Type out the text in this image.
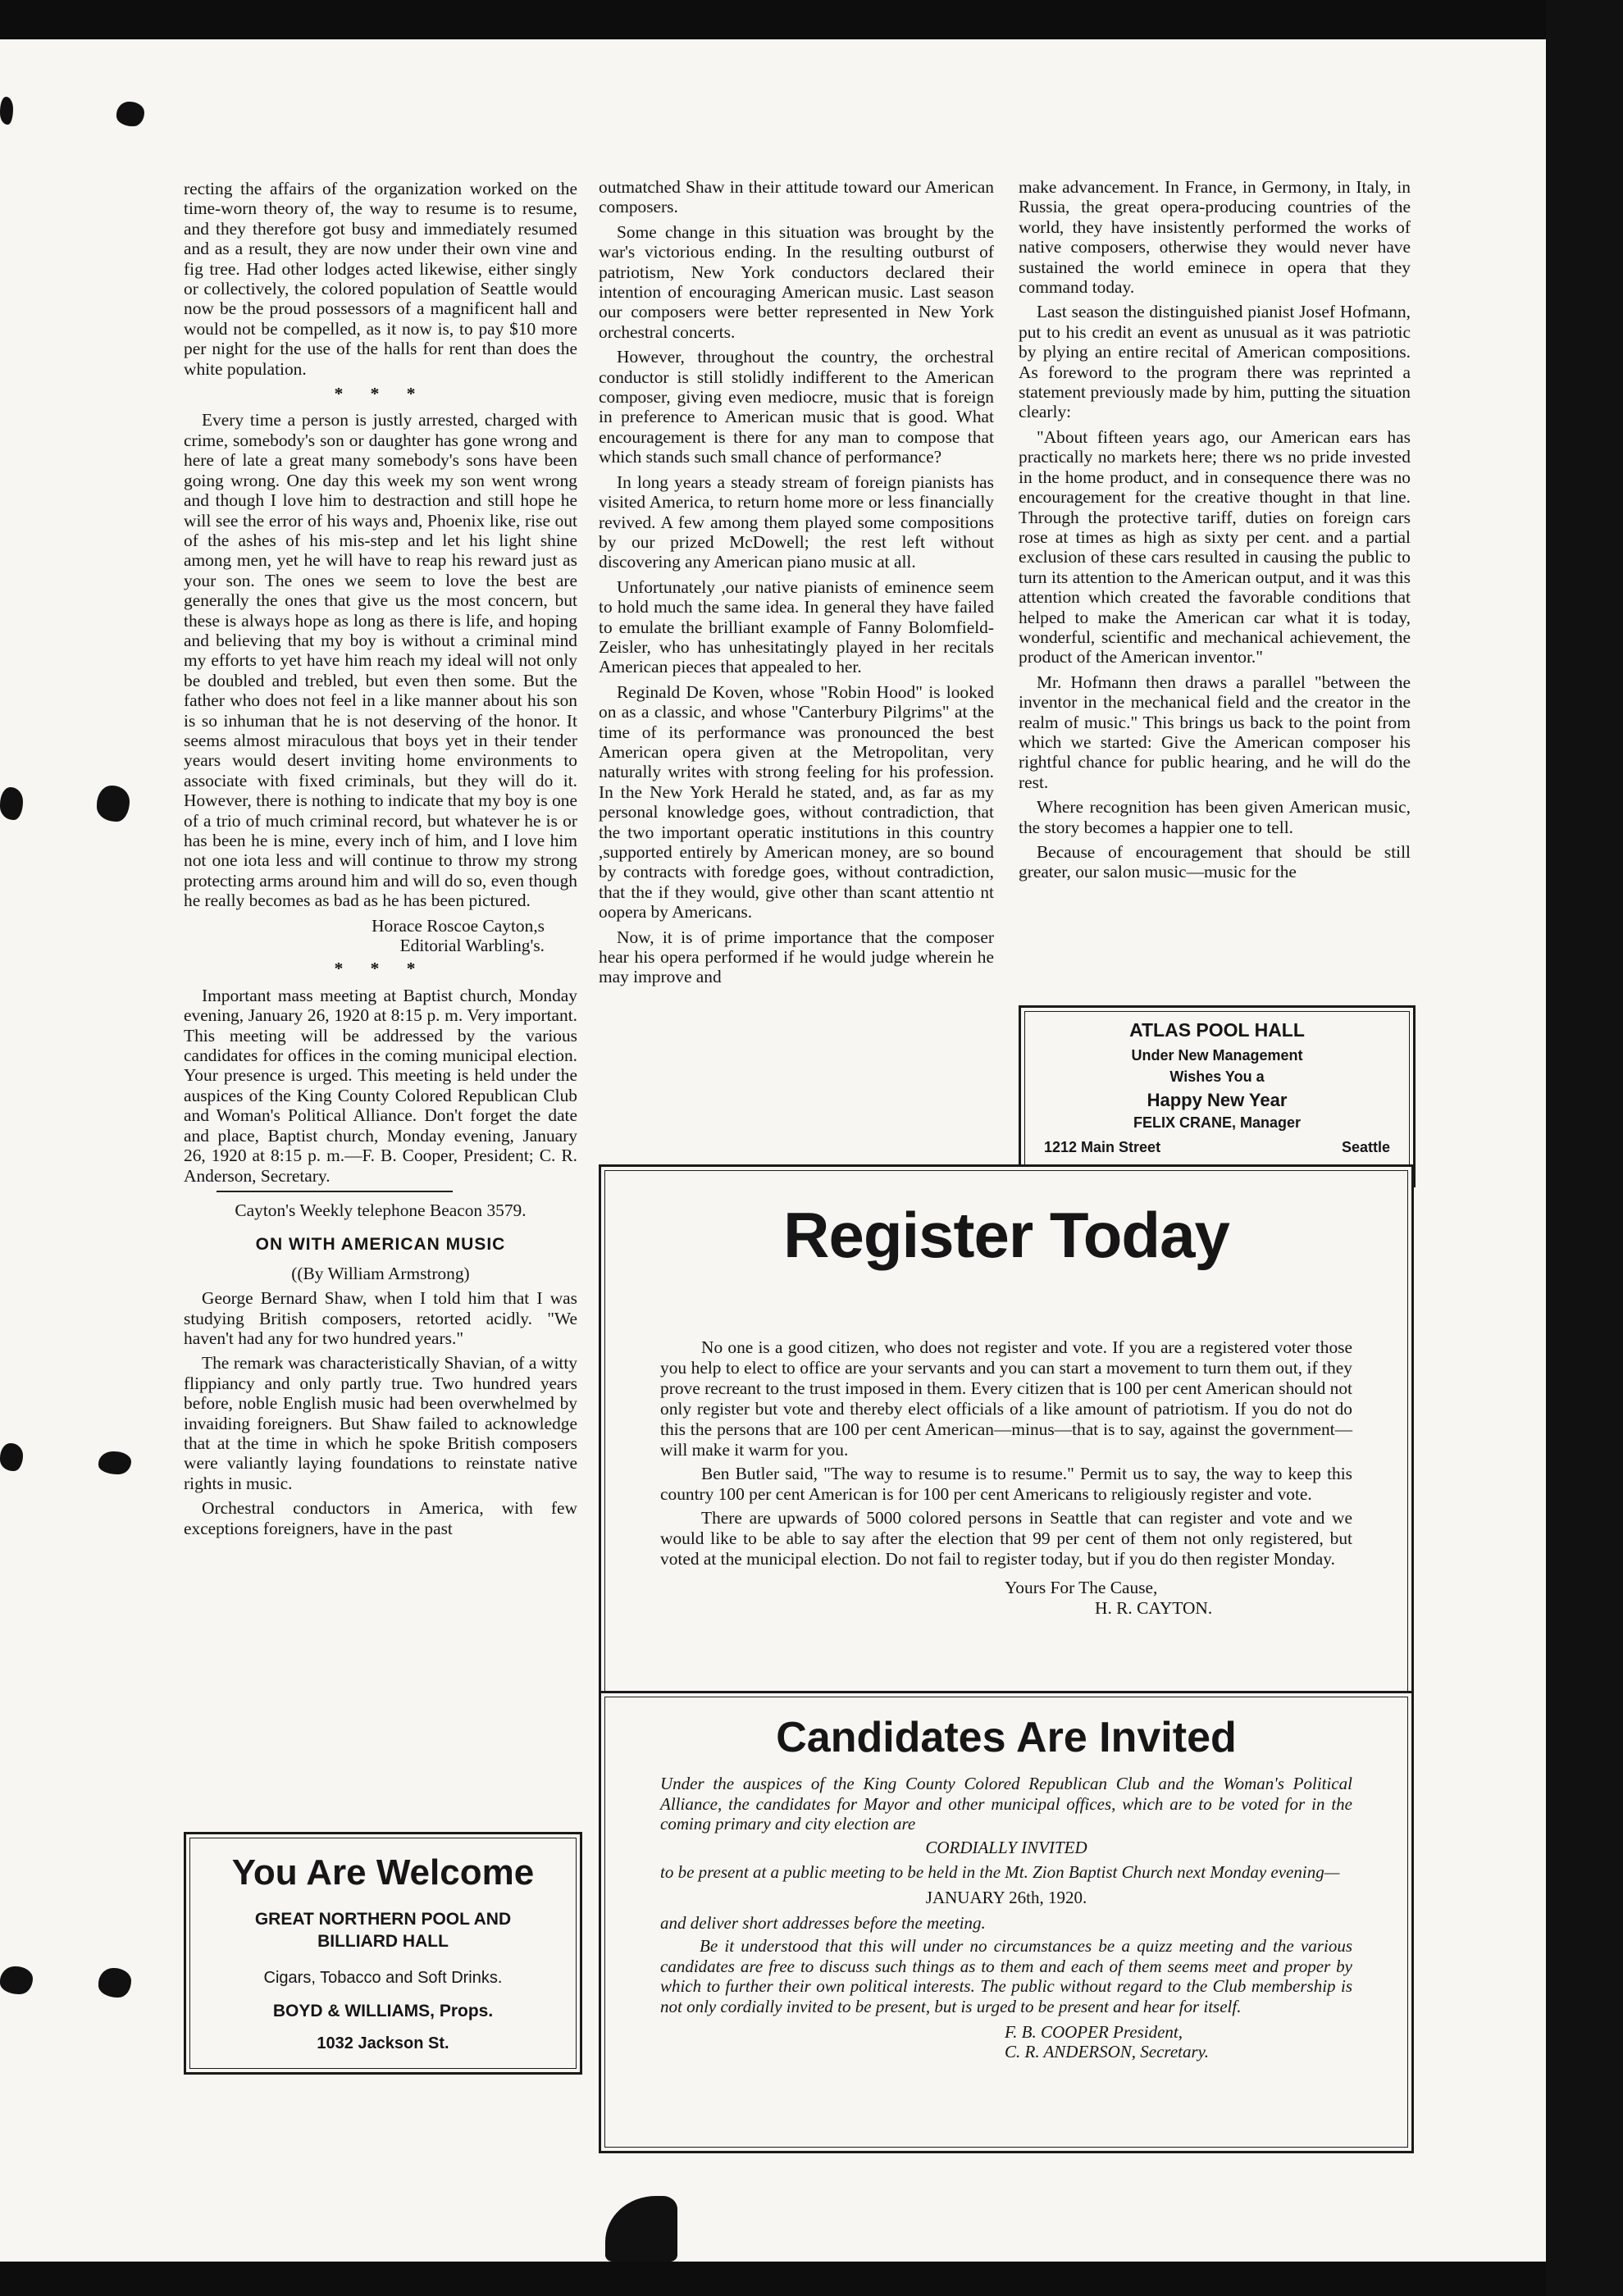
recting the affairs of the organization worked on the time-worn theory of, the way to resume is to resume, and they therefore got busy and immediately resumed and as a result, they are now under their own vine and fig tree. Had other lodges acted likewise, either singly or collectively, the colored population of Seattle would now be the proud possessors of a magnificent hall and would not be compelled, as it now is, to pay $10 more per night for the use of the halls for rent than does the white population.

* * *

Every time a person is justly arrested, charged with crime, somebody's son or daughter has gone wrong and here of late a great many somebody's sons have been going wrong. One day this week my son went wrong and though I love him to destraction and still hope he will see the error of his ways and, Phoenix like, rise out of the ashes of his mis-step and let his light shine among men, yet he will have to reap his reward just as your son. The ones we seem to love the best are generally the ones that give us the most concern, but these is always hope as long as there is life, and hoping and believing that my boy is without a criminal mind my efforts to yet have him reach my ideal will not only be doubled and trebled, but even then some. But the father who does not feel in a like manner about his son is so inhuman that he is not deserving of the honor. It seems almost miraculous that boys yet in their tender years would desert inviting home environments to associate with fixed criminals, but they will do it. However, there is nothing to indicate that my boy is one of a trio of much criminal record, but whatever he is or has been he is mine, every inch of him, and I love him not one iota less and will continue to throw my strong protecting arms around him and will do so, even though he really becomes as bad as he has been pictured.

Horace Roscoe Cayton,s
Editorial Warbling's.
* * *

Important mass meeting at Baptist church, Monday evening, January 26, 1920 at 8:15 p. m. Very important. This meeting will be addressed by the various candidates for offices in the coming municipal election. Your presence is urged. This meeting is held under the auspices of the King County Colored Republican Club and Woman's Political Alliance. Don't forget the date and place, Baptist church, Monday evening, January 26, 1920 at 8:15 p. m.—F. B. Cooper, President; C. R. Anderson, Secretary.

Cayton's Weekly telephone Beacon 3579.

ON WITH AMERICAN MUSIC

((By William Armstrong)

George Bernard Shaw, when I told him that I was studying British composers, retorted acidly. "We haven't had any for two hundred years."

The remark was characteristically Shavian, of a witty flippiancy and only partly true. Two hundred years before, noble English music had been overwhelmed by invaiding foreigners. But Shaw failed to acknowledge that at the time in which he spoke British composers were valiantly laying foundations to reinstate native rights in music.

Orchestral conductors in America, with few exceptions foreigners, have in the past

outmatched Shaw in their attitude toward our American composers.

Some change in this situation was brought by the war's victorious ending. In the resulting outburst of patriotism, New York conductors declared their intention of encouraging American music. Last season our composers were better represented in New York orchestral concerts.

However, throughout the country, the orchestral conductor is still stolidly indifferent to the American composer, giving even mediocre, music that is foreign in preference to American music that is good. What encouragement is there for any man to compose that which stands such small chance of performance?

In long years a steady stream of foreign pianists has visited America, to return home more or less financially revived. A few among them played some compositions by our prized McDowell; the rest left without discovering any American piano music at all.

Unfortunately ,our native pianists of eminence seem to hold much the same idea. In general they have failed to emulate the brilliant example of Fanny Bolomfield-Zeisler, who has unhesitatingly played in her recitals American pieces that appealed to her.

Reginald De Koven, whose "Robin Hood" is looked on as a classic, and whose "Canterbury Pilgrims" at the time of its performance was pronounced the best American opera given at the Metropolitan, very naturally writes with strong feeling for his profession. In the New York Herald he stated, and, as far as my personal knowledge goes, without contradiction, that the two important operatic institutions in this country ,supported entirely by American money, are so bound by contracts with foredge goes, without contradiction, that the if they would, give other than scant attentio nt oopera by Americans.

Now, it is of prime importance that the composer hear his opera performed if he would judge wherein he may improve and

make advancement. In France, in Germony, in Italy, in Russia, the great opera-producing countries of the world, they have insistently performed the works of native composers, otherwise they would never have sustained the world eminece in opera that they command today.

Last season the distinguished pianist Josef Hofmann, put to his credit an event as unusual as it was patriotic by plying an entire recital of American compositions. As foreword to the program there was reprinted a statement previously made by him, putting the situation clearly:

"About fifteen years ago, our American ears has practically no markets here; there ws no pride invested in the home product, and in consequence there was no encouragement for the creative thought in that line. Through the protective tariff, duties on foreign cars rose at times as high as sixty per cent. and a partial exclusion of these cars resulted in causing the public to turn its attention to the American output, and it was this attention which created the favorable conditions that helped to make the American car what it is today, wonderful, scientific and mechanical achievement, the product of the American inventor."

Mr. Hofmann then draws a parallel "between the inventor in the mechanical field and the creator in the realm of music." This brings us back to the point from which we started: Give the American composer his rightful chance for public hearing, and he will do the rest.

Where recognition has been given American music, the story becomes a happier one to tell.

Because of encouragement that should be still greater, our salon music—music for the

ATLAS POOL HALL
Under New Management
Wishes You a
Happy New Year
FELIX CRANE, Manager
1212 Main Street	Seattle
Register Today

No one is a good citizen, who does not register and vote. If you are a registered voter those you help to elect to office are your servants and you can start a movement to turn them out, if they prove recreant to the trust imposed in them. Every citizen that is 100 per cent American should not only register but vote and thereby elect officials of a like amount of patriotism. If you do not do this the persons that are 100 per cent American—minus—that is to say, against the government—will make it warm for you.

Ben Butler said, "The way to resume is to resume." Permit us to say, the way to keep this country 100 per cent American is for 100 per cent Americans to religiously register and vote.

There are upwards of 5000 colored persons in Seattle that can register and vote and we would like to be able to say after the election that 99 per cent of them not only registered, but voted at the municipal election. Do not fail to register today, but if you do then register Monday.

Yours For The Cause,
H. R. CAYTON.
Candidates Are Invited

Under the auspices of the King County Colored Republican Club and the Woman's Political Alliance, the candidates for Mayor and other municipal offices, which are to be voted for in the coming primary and city election are

CORDIALLY INVITED

to be present at a public meeting to be held in the Mt. Zion Baptist Church next Monday evening—

JANUARY 26th, 1920.

and deliver short addresses before the meeting.

Be it understood that this will under no circumstances be a quizz meeting and the various candidates are free to discuss such things as to them and each of them seems meet and proper by which to further their own political interests. The public without regard to the Club membership is not only cordially invited to be present, but is urged to be present and hear for itself.

F. B. COOPER President,
C. R. ANDERSON, Secretary.
You Are Welcome
GREAT NORTHERN POOL AND BILLIARD HALL
Cigars, Tobacco and Soft Drinks.
BOYD & WILLIAMS, Props.
1032 Jackson St.
